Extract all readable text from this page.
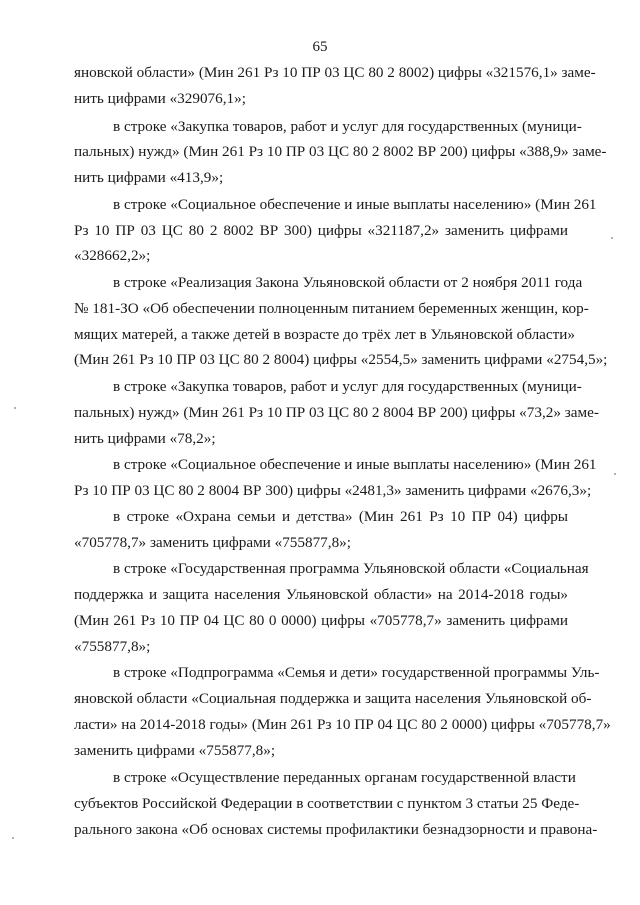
65
яновской области» (Мин 261 Рз 10 ПР 03 ЦС 80 2 8002) цифры «321576,1» заме-
нить цифрами «329076,1»;
в строке «Закупка товаров, работ и услуг для государственных (муници-
пальных) нужд» (Мин 261 Рз 10 ПР 03 ЦС 80 2 8002 ВР 200) цифры «388,9» заме-
нить цифрами «413,9»;
в строке «Социальное обеспечение и иные выплаты населению» (Мин 261
Рз 10 ПР 03 ЦС 80 2 8002 ВР 300) цифры «321187,2» заменить цифрами
«328662,2»;
в строке «Реализация Закона Ульяновской области от 2 ноября 2011 года
№ 181-ЗО «Об обеспечении полноценным питанием беременных женщин, кор-
мящих матерей, а также детей в возрасте до трёх лет в Ульяновской области»
(Мин 261 Рз 10 ПР 03 ЦС 80 2 8004) цифры «2554,5» заменить цифрами «2754,5»;
в строке «Закупка товаров, работ и услуг для государственных (муници-
пальных) нужд» (Мин 261 Рз 10 ПР 03 ЦС 80 2 8004 ВР 200) цифры «73,2» заме-
нить цифрами «78,2»;
в строке «Социальное обеспечение и иные выплаты населению» (Мин 261
Рз 10 ПР 03 ЦС 80 2 8004 ВР 300) цифры «2481,3» заменить цифрами «2676,3»;
в строке «Охрана семьи и детства» (Мин 261 Рз 10 ПР 04) цифры
«705778,7» заменить цифрами «755877,8»;
в строке «Государственная программа Ульяновской области «Социальная
поддержка и защита населения Ульяновской области» на 2014-2018 годы»
(Мин 261 Рз 10 ПР 04 ЦС 80 0 0000) цифры «705778,7» заменить цифрами
«755877,8»;
в строке «Подпрограмма «Семья и дети» государственной программы Уль-
яновской области «Социальная поддержка и защита населения Ульяновской об-
ласти» на 2014-2018 годы» (Мин 261 Рз 10 ПР 04 ЦС 80 2 0000) цифры «705778,7»
заменить цифрами «755877,8»;
в строке «Осуществление переданных органам государственной власти
субъектов Российской Федерации в соответствии с пунктом 3 статьи 25 Феде-
рального закона «Об основах системы профилактики безнадзорности и правона-
